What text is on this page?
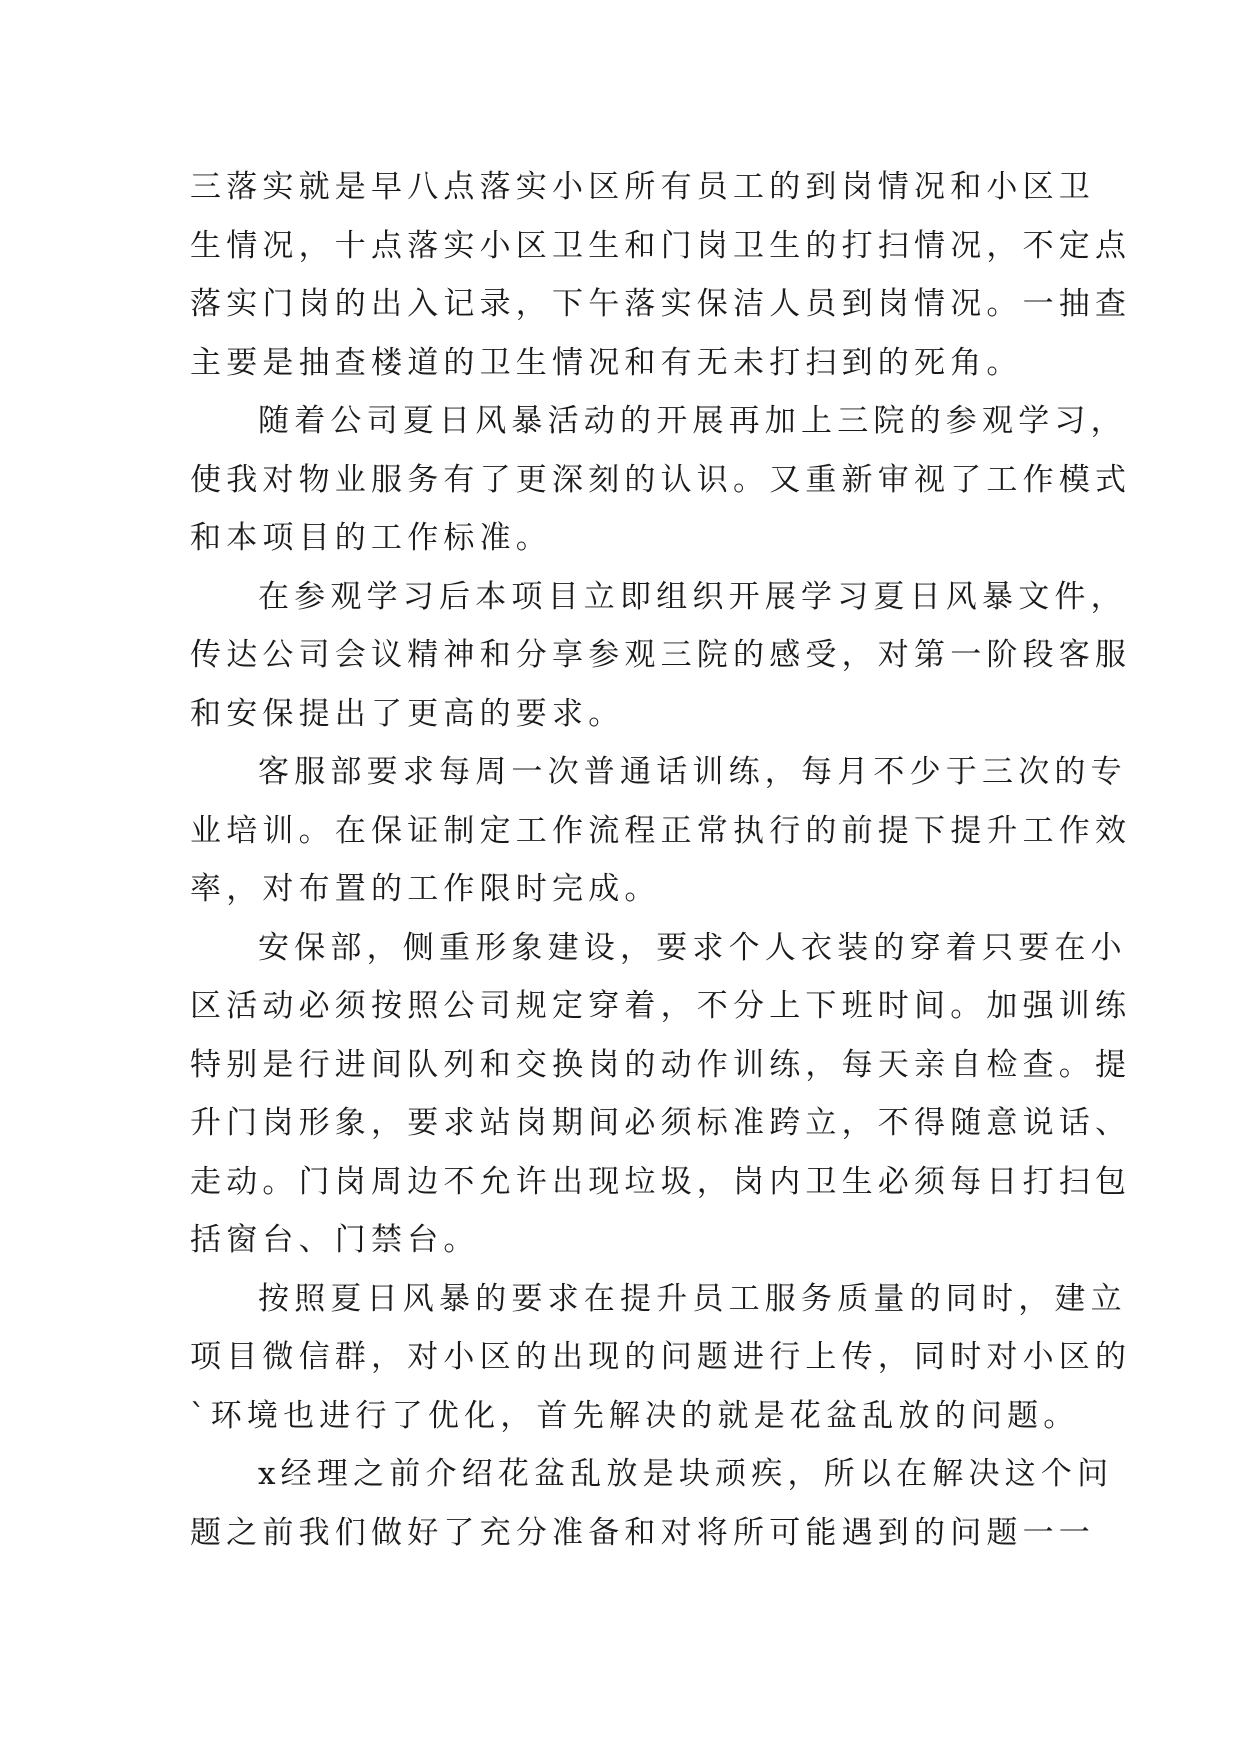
三落实就是早八点落实小区所有员工的到岗情况和小区卫
生情况，十点落实小区卫生和门岗卫生的打扫情况，不定点
落实门岗的出入记录，下午落实保洁人员到岗情况。一抽查
主要是抽查楼道的卫生情况和有无未打扫到的死角。
随着公司夏日风暴活动的开展再加上三院的参观学习，
使我对物业服务有了更深刻的认识。又重新审视了工作模式
和本项目的工作标准。
在参观学习后本项目立即组织开展学习夏日风暴文件，
传达公司会议精神和分享参观三院的感受，对第一阶段客服
和安保提出了更高的要求。
客服部要求每周一次普通话训练，每月不少于三次的专
业培训。在保证制定工作流程正常执行的前提下提升工作效
率，对布置的工作限时完成。
安保部，侧重形象建设，要求个人衣装的穿着只要在小
区活动必须按照公司规定穿着，不分上下班时间。加强训练
特别是行进间队列和交换岗的动作训练，每天亲自检查。提
升门岗形象，要求站岗期间必须标准跨立，不得随意说话、
走动。门岗周边不允许出现垃圾，岗内卫生必须每日打扫包
括窗台、门禁台。
按照夏日风暴的要求在提升员工服务质量的同时，建立
项目微信群，对小区的出现的问题进行上传，同时对小区的
`环境也进行了优化，首先解决的就是花盆乱放的问题。
x经理之前介绍花盆乱放是块顽疾，所以在解决这个问
题之前我们做好了充分准备和对将所可能遇到的问题一一
